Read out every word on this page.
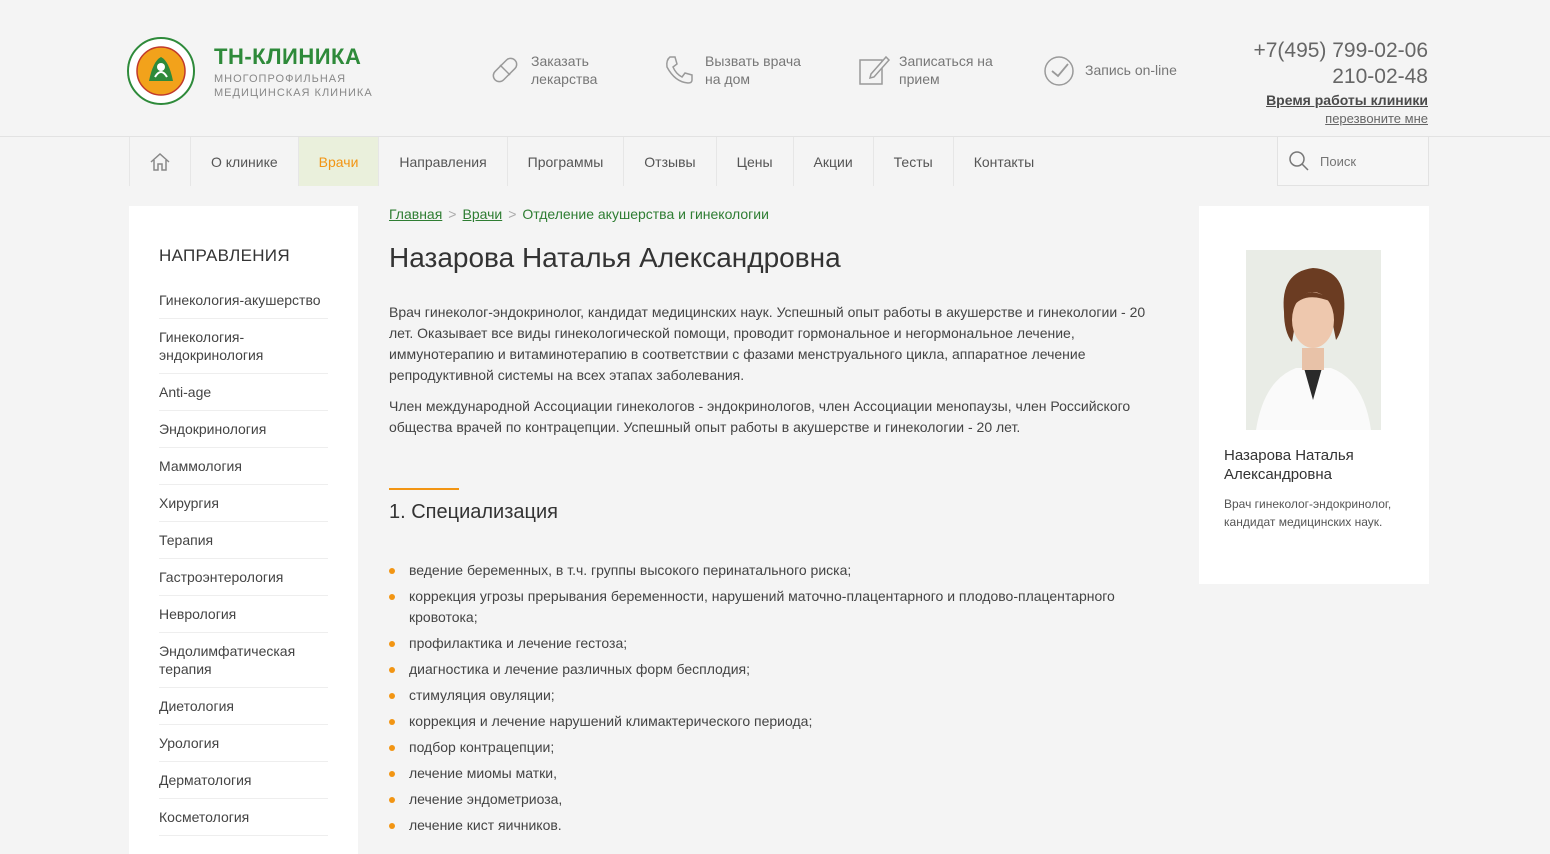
ТН-КЛИНИКА
МНОГОПРОФИЛЬНАЯ МЕДИЦИНСКАЯ КЛИНИКА
Заказать лекарства
Вызвать врача на дом
Записаться на прием
Запись on-line
+7(495) 799-02-06
210-02-48
Время работы клиники
перезвоните мне
О клинике	Врачи	Направления	Программы	Отзывы	Цены	Акции	Тесты	Контакты
Поиск
НАПРАВЛЕНИЯ
Гинекология-акушерство
Гинекология-эндокринология
Anti-age
Эндокринология
Маммология
Хирургия
Терапия
Гастроэнтерология
Неврология
Эндолимфатическая терапия
Диетология
Урология
Дерматология
Косметология
Главная > Врачи > Отделение акушерства и гинекологии
Назарова Наталья Александровна

Врач гинеколог-эндокринолог, кандидат медицинских наук. Успешный опыт работы в акушерстве и гинекологии - 20 лет. Оказывает все виды гинекологической помощи, проводит гормональное и негормональное лечение, иммунотерапию и витаминотерапию в соответствии с фазами менструального цикла, аппаратное лечение репродуктивной системы на всех этапах заболевания.

Член международной Ассоциации гинекологов - эндокринологов, член Ассоциации менопаузы, член Российского общества врачей по контрацепции. Успешный опыт работы в акушерстве и гинекологии - 20 лет.

1. Специализация
ведение беременных, в т.ч. группы высокого перинатального риска;
коррекция угрозы прерывания беременности, нарушений маточно-плацентарного и плодово-плацентарного кровотока;
профилактика и лечение гестоза;
диагностика и лечение различных форм бесплодия;
стимуляция овуляции;
коррекция и лечение нарушений климактерического периода;
подбор контрацепции;
лечение миомы матки,
лечение эндометриоза,
лечение кист яичников.
Назарова Наталья Александровна
Врач гинеколог-эндокринолог, кандидат медицинских наук.
